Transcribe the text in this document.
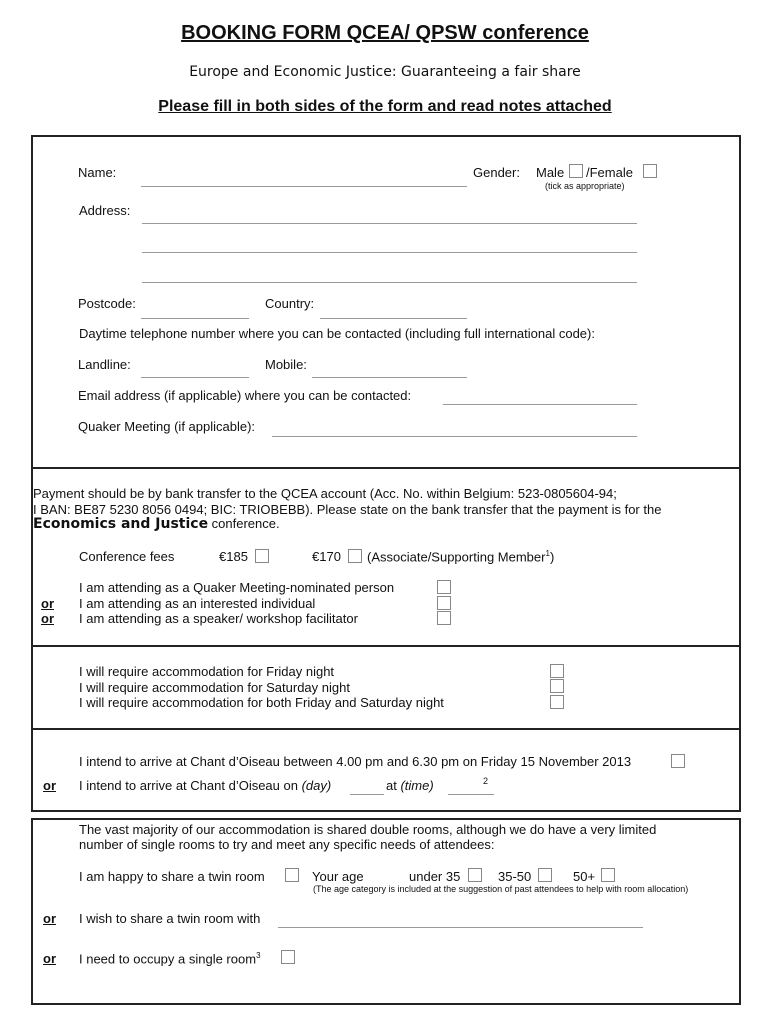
BOOKING FORM QCEA/ QPSW conference
Europe and Economic Justice: Guaranteeing a fair share
Please fill in both sides of the form and read notes attached
Name:	Gender: Male /Female
(tick as appropriate)
Address:
Postcode:	Country:
Daytime telephone number where you can be contacted (including full international code):
Landline:	Mobile:
Email address (if applicable) where you can be contacted:
Quaker Meeting (if applicable):
Payment should be by bank transfer to the QCEA account (Acc. No. within Belgium: 523-0805604-94;
I BAN: BE87 5230 8056 0494; BIC: TRIOBEBB). Please state on the bank transfer that the payment is for the
Economics and Justice conference.
Conference fees	€185	€170 (Associate/Supporting Member$^1$)
I am attending as a Quaker Meeting-nominated person
or I am attending as an interested individual
or I am attending as a speaker/ workshop facilitator
I will require accommodation for Friday night
I will require accommodation for Saturday night
I will require accommodation for both Friday and Saturday night
I intend to arrive at Chant d’Oiseau between 4.00 pm and 6.30 pm on Friday 15 November 2013
or I intend to arrive at Chant d’Oiseau on (day)	at (time)	2
The vast majority of our accommodation is shared double rooms, although we do have a very limited
number of single rooms to try and meet any specific needs of attendees:
I am happy to share a twin room	Your age	under 35	35-50	50+
(The age category is included at the suggestion of past attendees to help with room allocation)
or I wish to share a twin room with
or I need to occupy a single room$^3$
